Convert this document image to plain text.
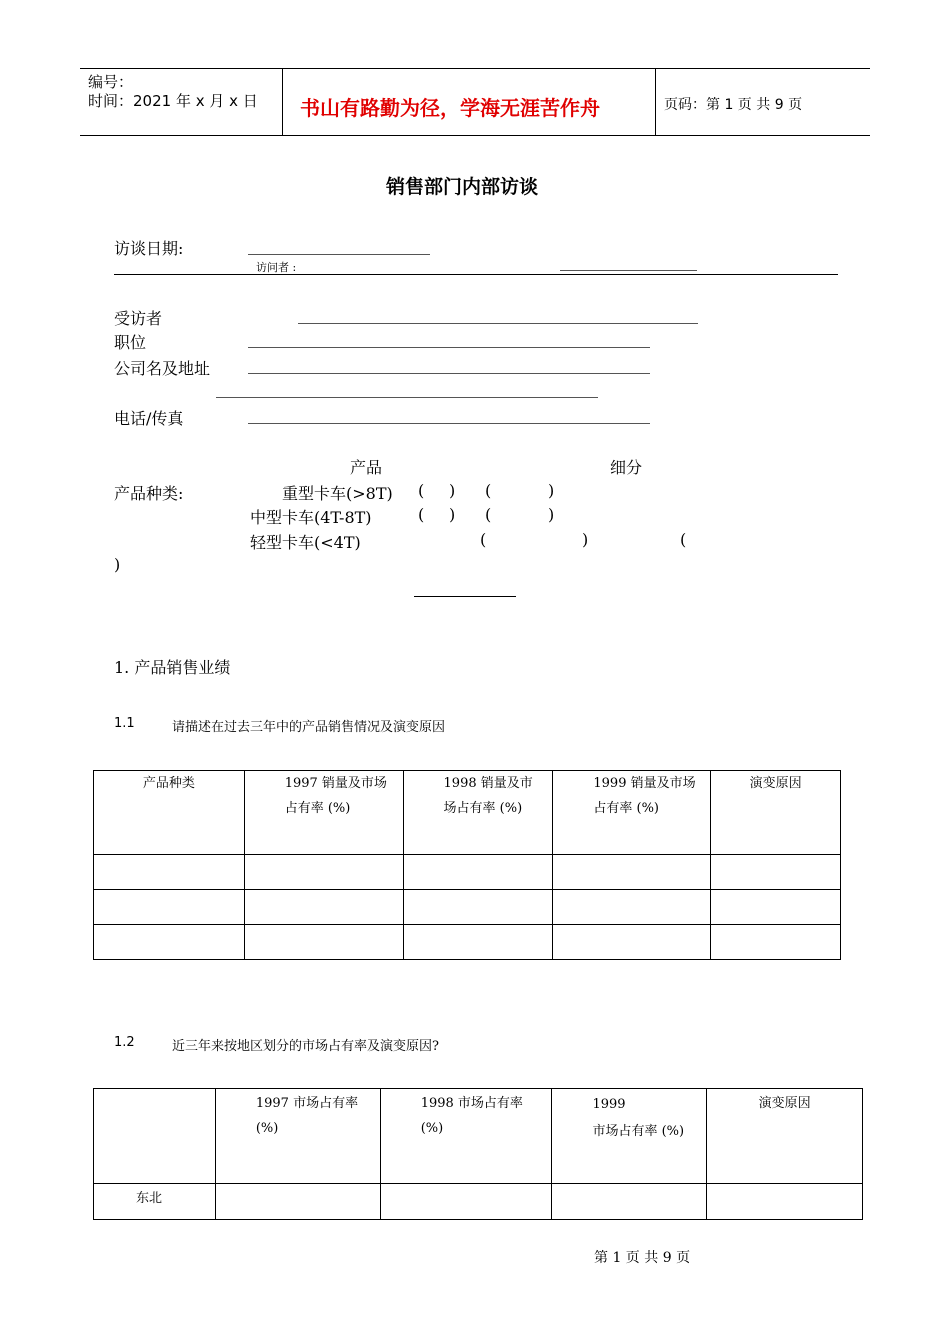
编号：
时间：2021 年 x 月 x 日 书山有路勤为径，学海无涯苦作舟	页码：第 1 页 共 9 页
销售部门内部访谈
访谈日期:
访问者 :
受访者
职位
公司名及地址
电话/传真
产品	细分
产品种类:	重型卡车(>8T) ( ) (	)
中型卡车(4T-8T)	( ) (	)
轻型卡车(<4T)	(	)	(
)
1. 产品销售业绩
1.1	请描述在过去三年中的产品销售情况及演变原因
产品种类	1997 销量及市场占有率 (%)	1998 销量及市场占有率 (%)	1999 销量及市场占有率 (%)	演变原因

1.2	近三年来按地区划分的市场占有率及演变原因?

	1997 市场占有率 (%)	1998 市场占有率 (%)	1999
市场占有率 (%)	演变原因

东北				

第 1 页 共 9 页
